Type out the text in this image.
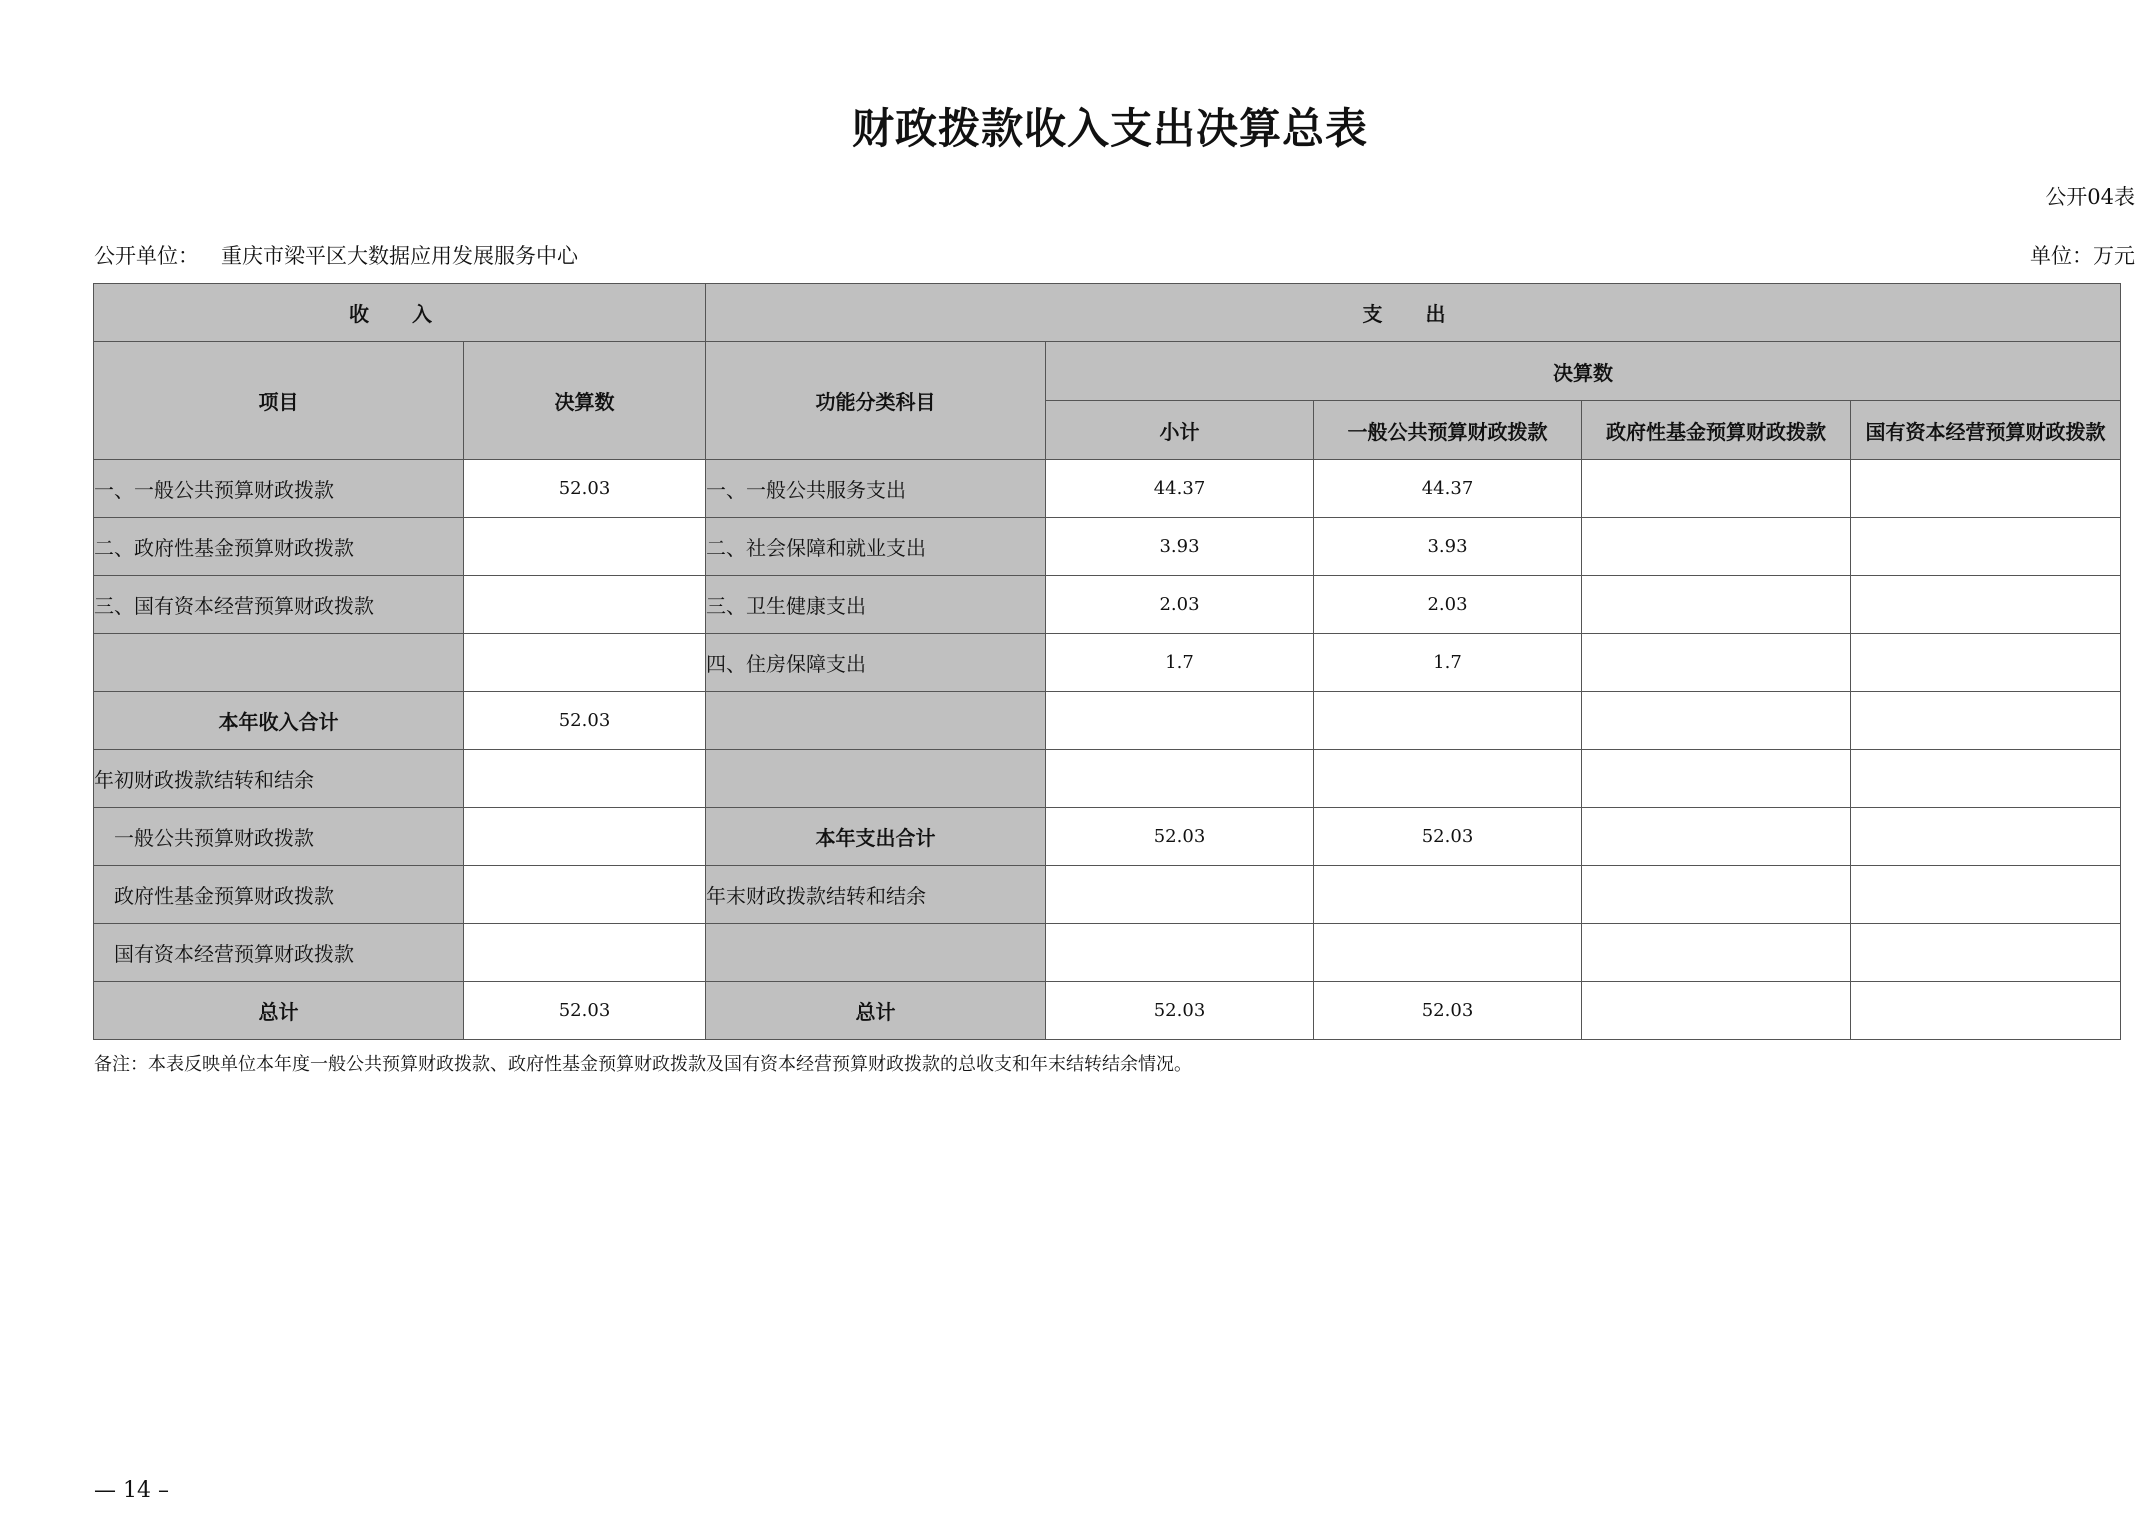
财政拨款收入支出决算总表
公开04表
公开单位： 重庆市梁平区大数据应用发展服务中心	单位：万元
收 入		支 出				
项目	决算数	功能分类科目	决算数			
			小计	一般公共预算财政拨款	政府性基金预算财政拨款	国有资本经营预算财政拨款
一、一般公共预算财政拨款	52.03	一、一般公共服务支出	44.37	44.37		
二、政府性基金预算财政拨款		二、社会保障和就业支出	3.93	3.93		
三、国有资本经营预算财政拨款		三、卫生健康支出	2.03	2.03		
		四、住房保障支出	1.7	1.7		
本年收入合计	52.03					
年初财政拨款结转和结余						
一般公共预算财政拨款		本年支出合计	52.03	52.03		
政府性基金预算财政拨款		年末财政拨款结转和结余				
国有资本经营预算财政拨款						
总计	52.03	总计	52.03	52.03		
备注：本表反映单位本年度一般公共预算财政拨款、政府性基金预算财政拨款及国有资本经营预算财政拨款的总收支和年末结转结余情况。
— 14 –
